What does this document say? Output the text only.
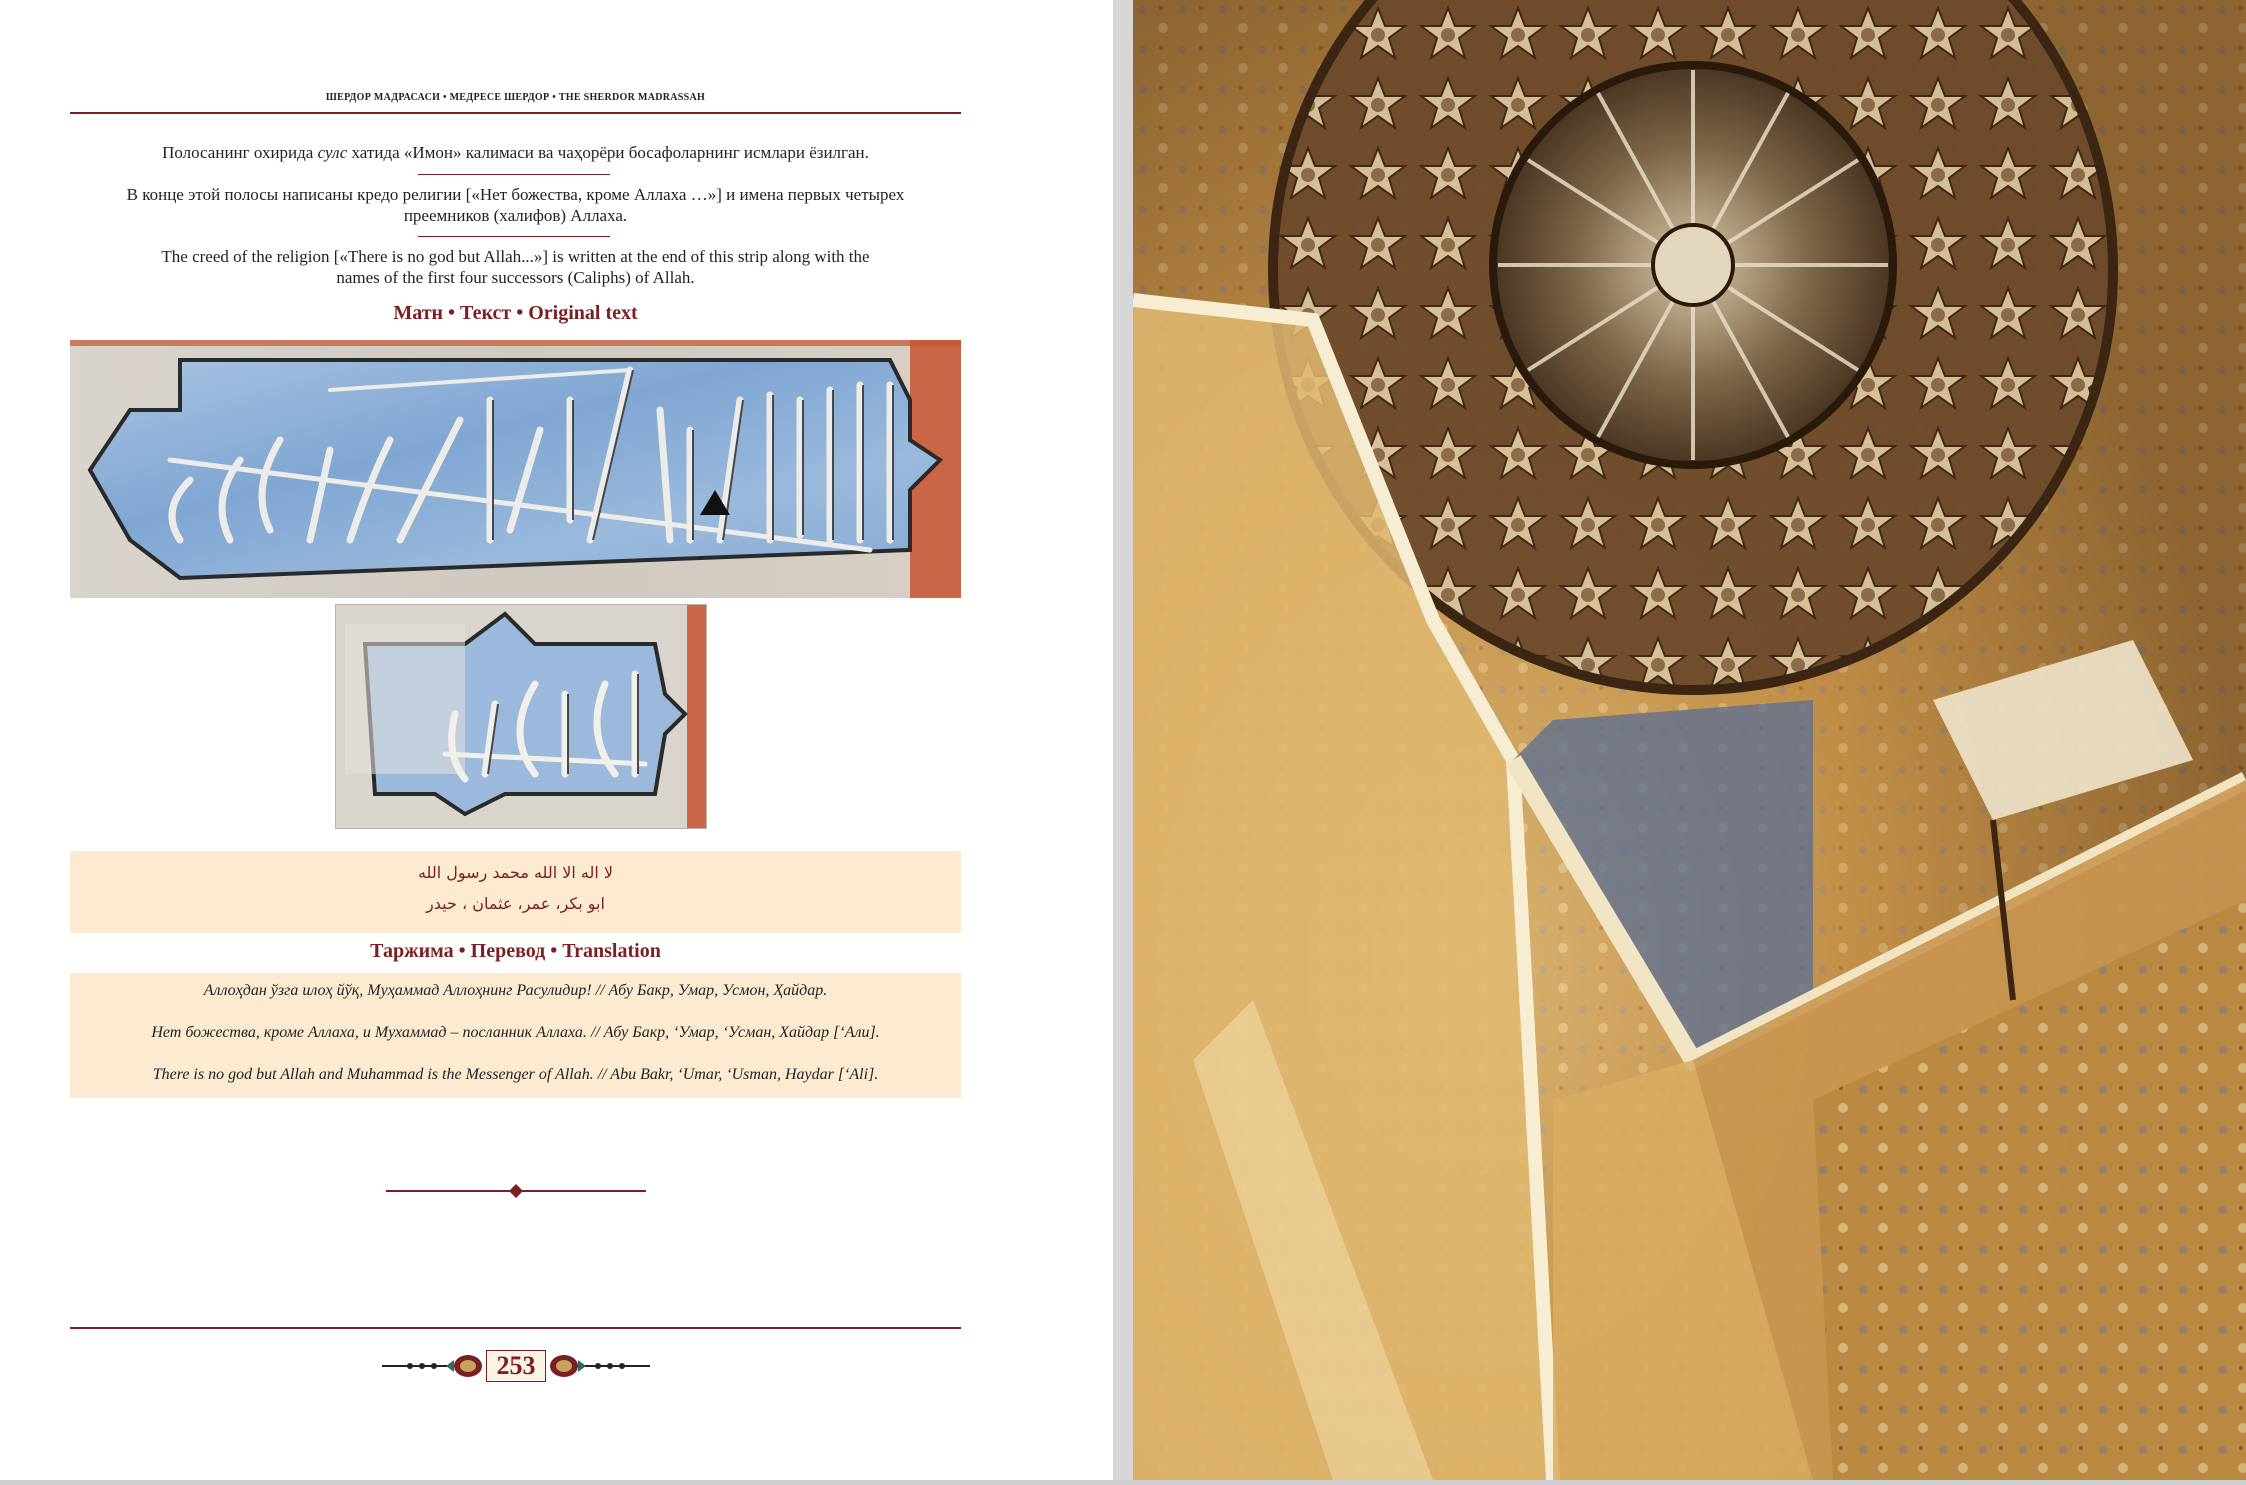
ШЕРДОР МАДРАСАСИ • МЕДРЕСЕ ШЕРДОР • THE SHERDOR MADRASSAH
Полосанинг охирида сулс хатида «Имон» калимаси ва чаҳорёри босафоларнинг исмлари ёзилган.
В конце этой полосы написаны кредо религии [«Нет божества, кроме Аллаха …»] и имена первых четырех
преемников (халифов) Аллаха.
The creed of the religion [«There is no god but Allah...»] is written at the end of this strip along with the
names of the first four successors (Caliphs) of Allah.
Матн • Текст • Original text
لا اله الا الله محمد رسول الله
ابو بكر، عمر، عثمان ، حيدر
Таржима • Перевод • Translation
Аллоҳдан ўзга илоҳ йўқ, Муҳаммад Аллоҳнинг Расулидир! // Абу Бакр, Умар, Усмон, Ҳайдар.
Нет божества, кроме Аллаха, и Мухаммад – посланник Аллаха. // Абу Бакр, ‘Умар, ‘Усман, Хайдар [‘Али].
There is no god but Allah and Muhammad is the Messenger of Allah. // Abu Bakr, ‘Umar, ‘Usman, Haydar [‘Ali].
253
